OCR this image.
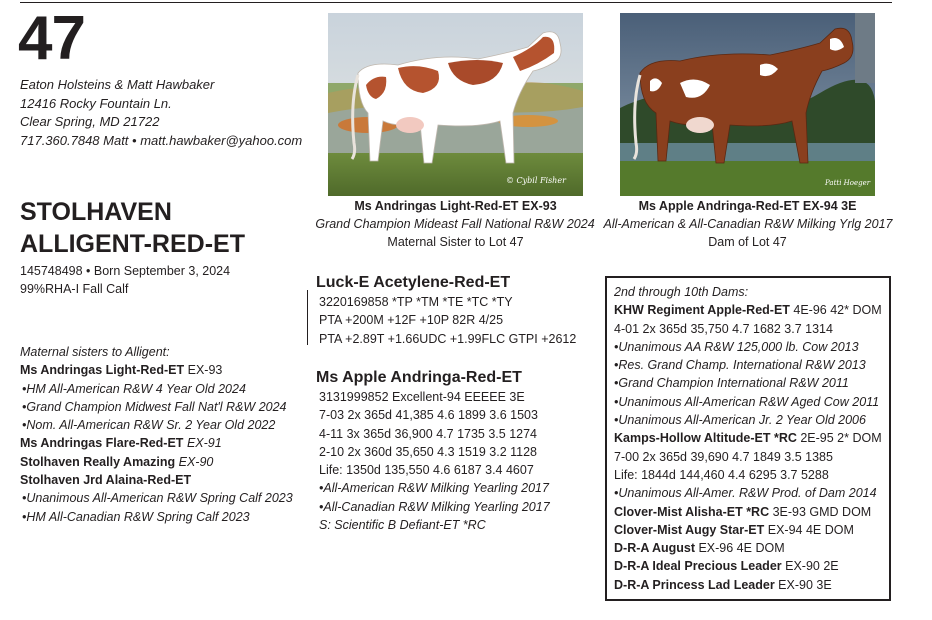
47
Eaton Holsteins & Matt Hawbaker
12416 Rocky Fountain Ln.
Clear Spring, MD 21722
717.360.7848 Matt • matt.hawbaker@yahoo.com
STOLHAVEN
ALLIGENT-RED-ET
145748498 • Born September 3, 2024
99%RHA-I Fall Calf
Maternal sisters to Alligent:
Ms Andringas Light-Red-ET EX-93
•HM All-American R&W 4 Year Old 2024
•Grand Champion Midwest Fall Nat'l R&W 2024
•Nom. All-American R&W Sr. 2 Year Old 2022
Ms Andringas Flare-Red-ET EX-91
Stolhaven Really Amazing EX-90
Stolhaven Jrd Alaina-Red-ET
•Unanimous All-American R&W Spring Calf 2023
•HM All-Canadian R&W Spring Calf 2023
© Cybil Fisher
Ms Andringas Light-Red-ET EX-93
Grand Champion Mideast Fall National R&W 2024
Maternal Sister to Lot 47
Patti Hoeger
Ms Apple Andringa-Red-ET EX-94 3E
All-American & All-Canadian R&W Milking Yrlg 2017
Dam of Lot 47
Luck-E Acetylene-Red-ET
3220169858 *TP *TM *TE *TC *TY
PTA +200M +12F +10P 82R 4/25
PTA +2.89T +1.66UDC +1.99FLC GTPI +2612
Ms Apple Andringa-Red-ET
3131999852 Excellent-94 EEEEE 3E
7-03 2x 365d 41,385 4.6 1899 3.6 1503
4-11 3x 365d 36,900 4.7 1735 3.5 1274
2-10 2x 360d 35,650 4.3 1519 3.2 1128
Life: 1350d 135,550 4.6 6187 3.4 4607
•All-American R&W Milking Yearling 2017
•All-Canadian R&W Milking Yearling 2017
S: Scientific B Defiant-ET *RC
2nd through 10th Dams:
KHW Regiment Apple-Red-ET 4E-96 42* DOM
4-01 2x 365d 35,750 4.7 1682 3.7 1314
•Unanimous AA R&W 125,000 lb. Cow 2013
•Res. Grand Champ. International R&W 2013
•Grand Champion International R&W 2011
•Unanimous All-American R&W Aged Cow 2011
•Unanimous All-American Jr. 2 Year Old 2006
Kamps-Hollow Altitude-ET *RC 2E-95 2* DOM
7-00 2x 365d 39,690 4.7 1849 3.5 1385
Life: 1844d 144,460 4.4 6295 3.7 5288
•Unanimous All-Amer. R&W Prod. of Dam 2014
Clover-Mist Alisha-ET *RC 3E-93 GMD DOM
Clover-Mist Augy Star-ET EX-94 4E DOM
D-R-A August EX-96 4E DOM
D-R-A Ideal Precious Leader EX-90 2E
D-R-A Princess Lad Leader EX-90 3E
